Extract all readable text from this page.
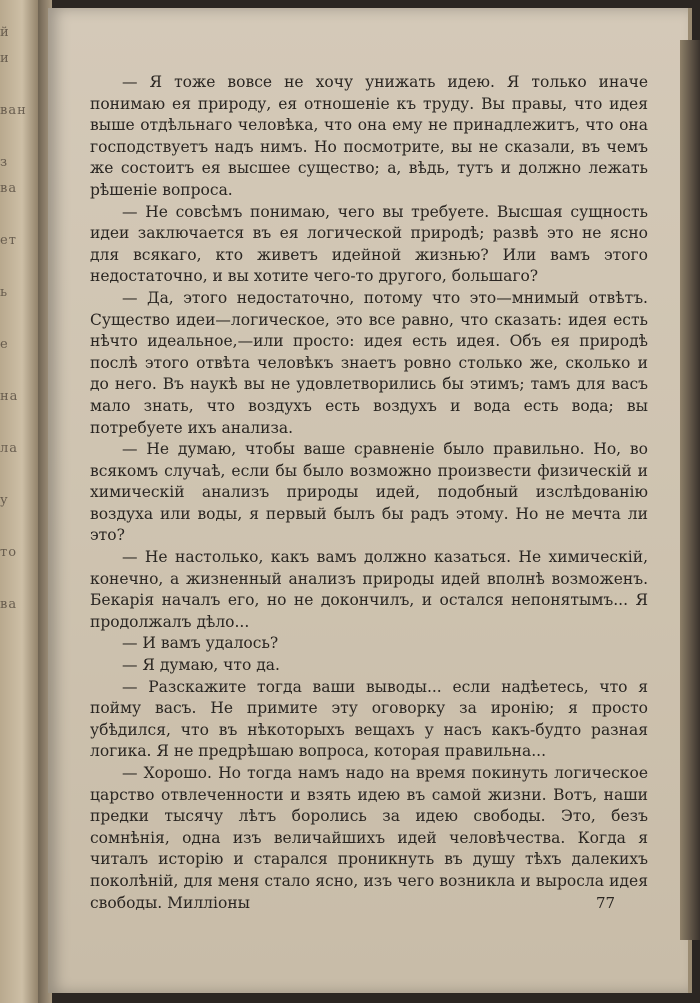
й
и

ван

з
ва

ет

ь

е

на

ла

у

то

ва

— Я тоже вовсе не хочу унижать идею. Я только иначе понимаю ея природу, ея отношеніе къ труду. Вы правы, что идея выше отдѣльнаго человѣка, что она ему не принадлежитъ, что она господствуетъ надъ нимъ. Но посмотрите, вы не сказали, въ чемъ же состоитъ ея высшее существо; а, вѣдь, тутъ и должно лежать рѣшеніе вопроса.

— Не совсѣмъ понимаю, чего вы требуете. Высшая сущность идеи заключается въ ея логической природѣ; развѣ это не ясно для всякаго, кто живетъ идейной жизнью? Или вамъ этого недостаточно, и вы хотите чего-то другого, большаго?

— Да, этого недостаточно, потому что это—мнимый отвѣтъ. Существо идеи—логическое, это все равно, что сказать: идея есть нѣчто идеальное,—или просто: идея есть идея. Объ ея природѣ послѣ этого отвѣта человѣкъ знаетъ ровно столько же, сколько и до него. Въ наукѣ вы не удовлетворились бы этимъ; тамъ для васъ мало знать, что воздухъ есть воздухъ и вода есть вода; вы потребуете ихъ анализа.

— Не думаю, чтобы ваше сравненіе было правильно. Но, во всякомъ случаѣ, если бы было возможно произвести физическій и химическій анализъ природы идей, подобный изслѣдованію воздуха или воды, я первый былъ бы радъ этому. Но не мечта ли это?

— Не настолько, какъ вамъ должно казаться. Не химическій, конечно, а жизненный анализъ природы идей вполнѣ возможенъ. Бекарія началъ его, но не докончилъ, и остался непонятымъ... Я продолжалъ дѣло...

— И вамъ удалось?

— Я думаю, что да.

— Разскажите тогда ваши выводы... если надѣетесь, что я пойму васъ. Не примите эту оговорку за иронію; я просто убѣдился, что въ нѣкоторыхъ вещахъ у насъ какъ-будто разная логика. Я не предрѣшаю вопроса, которая правильна...

— Хорошо. Но тогда намъ надо на время покинуть логическое царство отвлеченности и взять идею въ самой жизни. Вотъ, наши предки тысячу лѣтъ боролись за идею свободы. Это, безъ сомнѣнія, одна изъ величайшихъ идей человѣчества. Когда я читалъ исторію и старался проникнуть въ душу тѣхъ далекихъ поколѣній, для меня стало ясно, изъ чего возникла и выросла идея свободы. Милліоны	77
